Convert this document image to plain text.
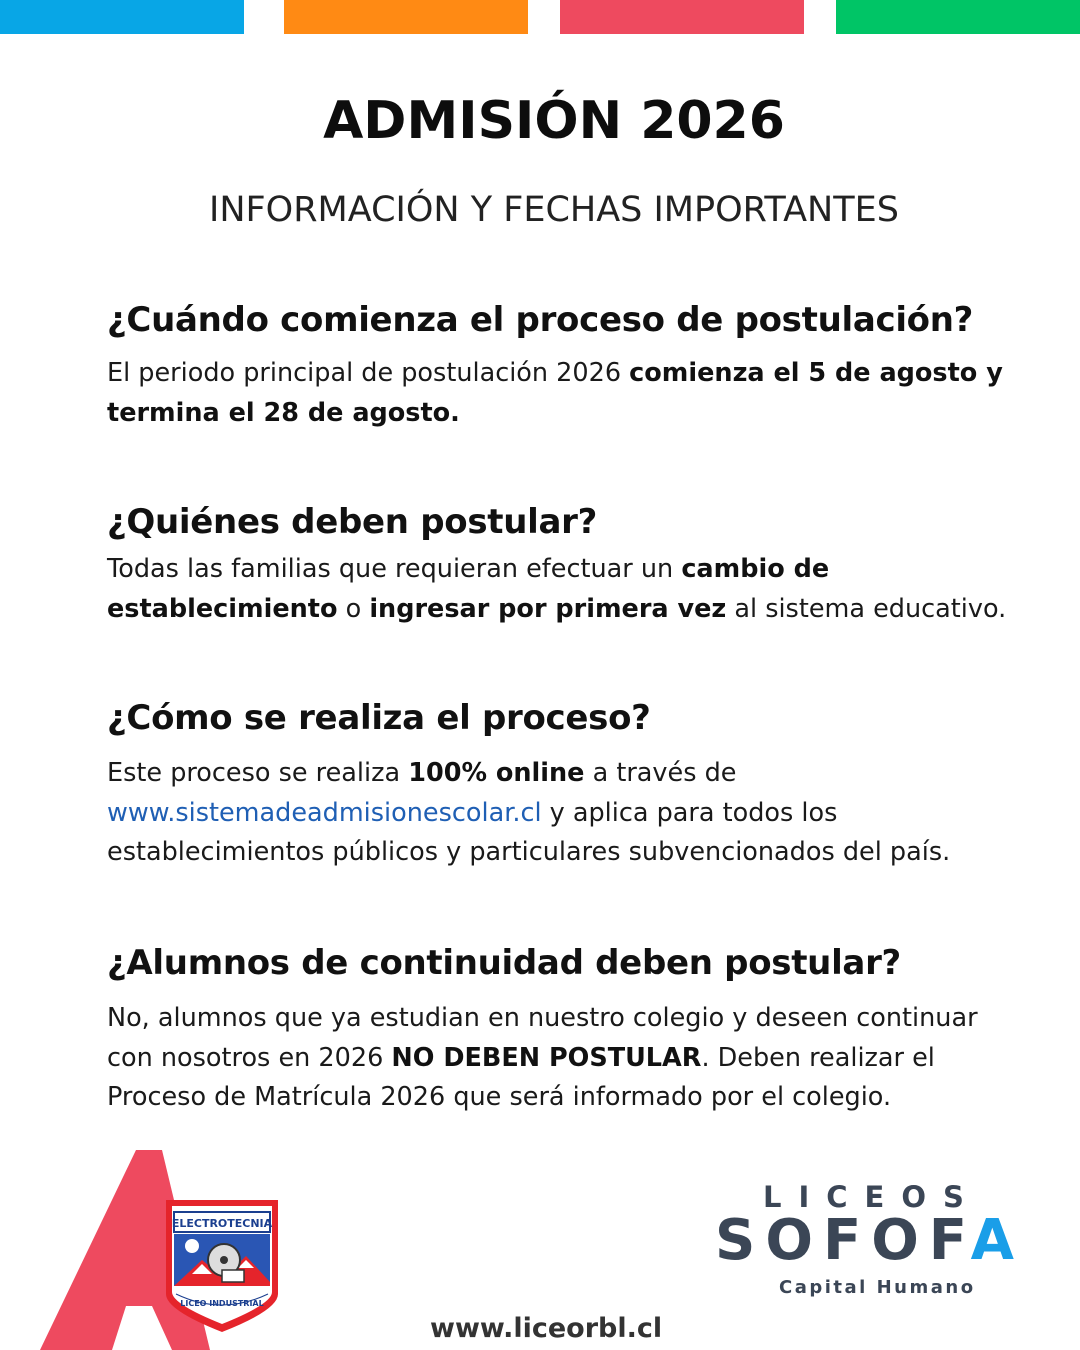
ADMISIÓN 2026
INFORMACIÓN Y FECHAS IMPORTANTES
¿Cuándo comienza el proceso de postulación?

El periodo principal de postulación 2026 comienza el 5 de agosto y termina el 28 de agosto.

¿Quiénes deben postular?

Todas las familias que requieran efectuar un cambio de establecimiento o ingresar por primera vez al sistema educativo.

¿Cómo se realiza el proceso?

Este proceso se realiza 100% online a través de www.sistemadeadmisionescolar.cl y aplica para todos los establecimientos públicos y particulares subvencionados del país.

¿Alumnos de continuidad deben postular?

No, alumnos que ya estudian en nuestro colegio y deseen continuar con nosotros en 2026 NO DEBEN POSTULAR. Deben realizar el Proceso de Matrícula 2026 que será informado por el colegio.

ELECTROTECNIA
LICEO INDUSTRIAL
LICEOS
SOFOFA
Capital Humano
www.liceorbl.cl
